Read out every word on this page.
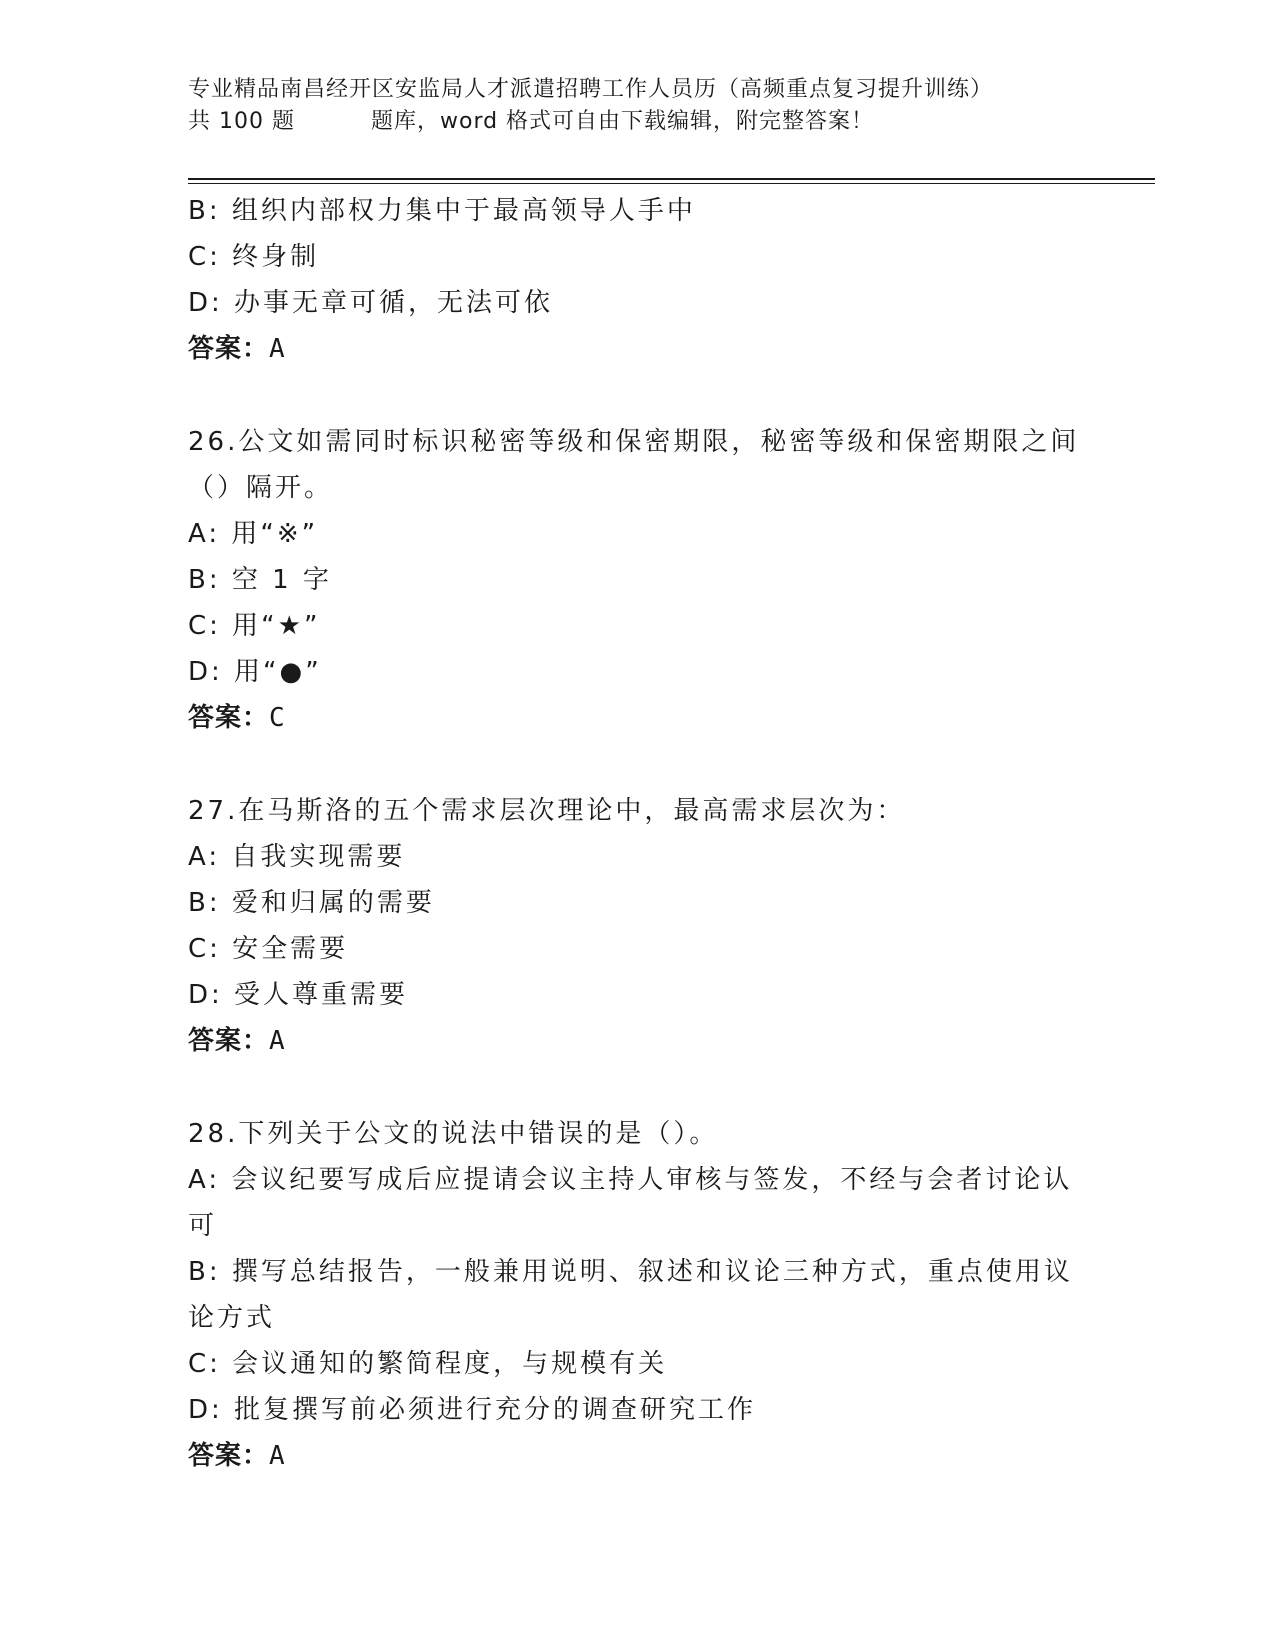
专业精品南昌经开区安监局人才派遣招聘工作人员历（高频重点复习提升训练）
共 100 题	题库，word 格式可自由下载编辑，附完整答案！
B: 组织内部权力集中于最高领导人手中
C: 终身制
D: 办事无章可循，无法可依
答案：A
26.公文如需同时标识秘密等级和保密期限，秘密等级和保密期限之间
（）隔开。
A: 用“※”
B: 空 1 字
C: 用“★”
D: 用“●”
答案：C
27.在马斯洛的五个需求层次理论中，最高需求层次为：
A: 自我实现需要
B: 爱和归属的需要
C: 安全需要
D: 受人尊重需要
答案：A
28.下列关于公文的说法中错误的是（）。
A: 会议纪要写成后应提请会议主持人审核与签发，不经与会者讨论认
可
B: 撰写总结报告，一般兼用说明、叙述和议论三种方式，重点使用议
论方式
C: 会议通知的繁简程度，与规模有关
D: 批复撰写前必须进行充分的调查研究工作
答案：A
